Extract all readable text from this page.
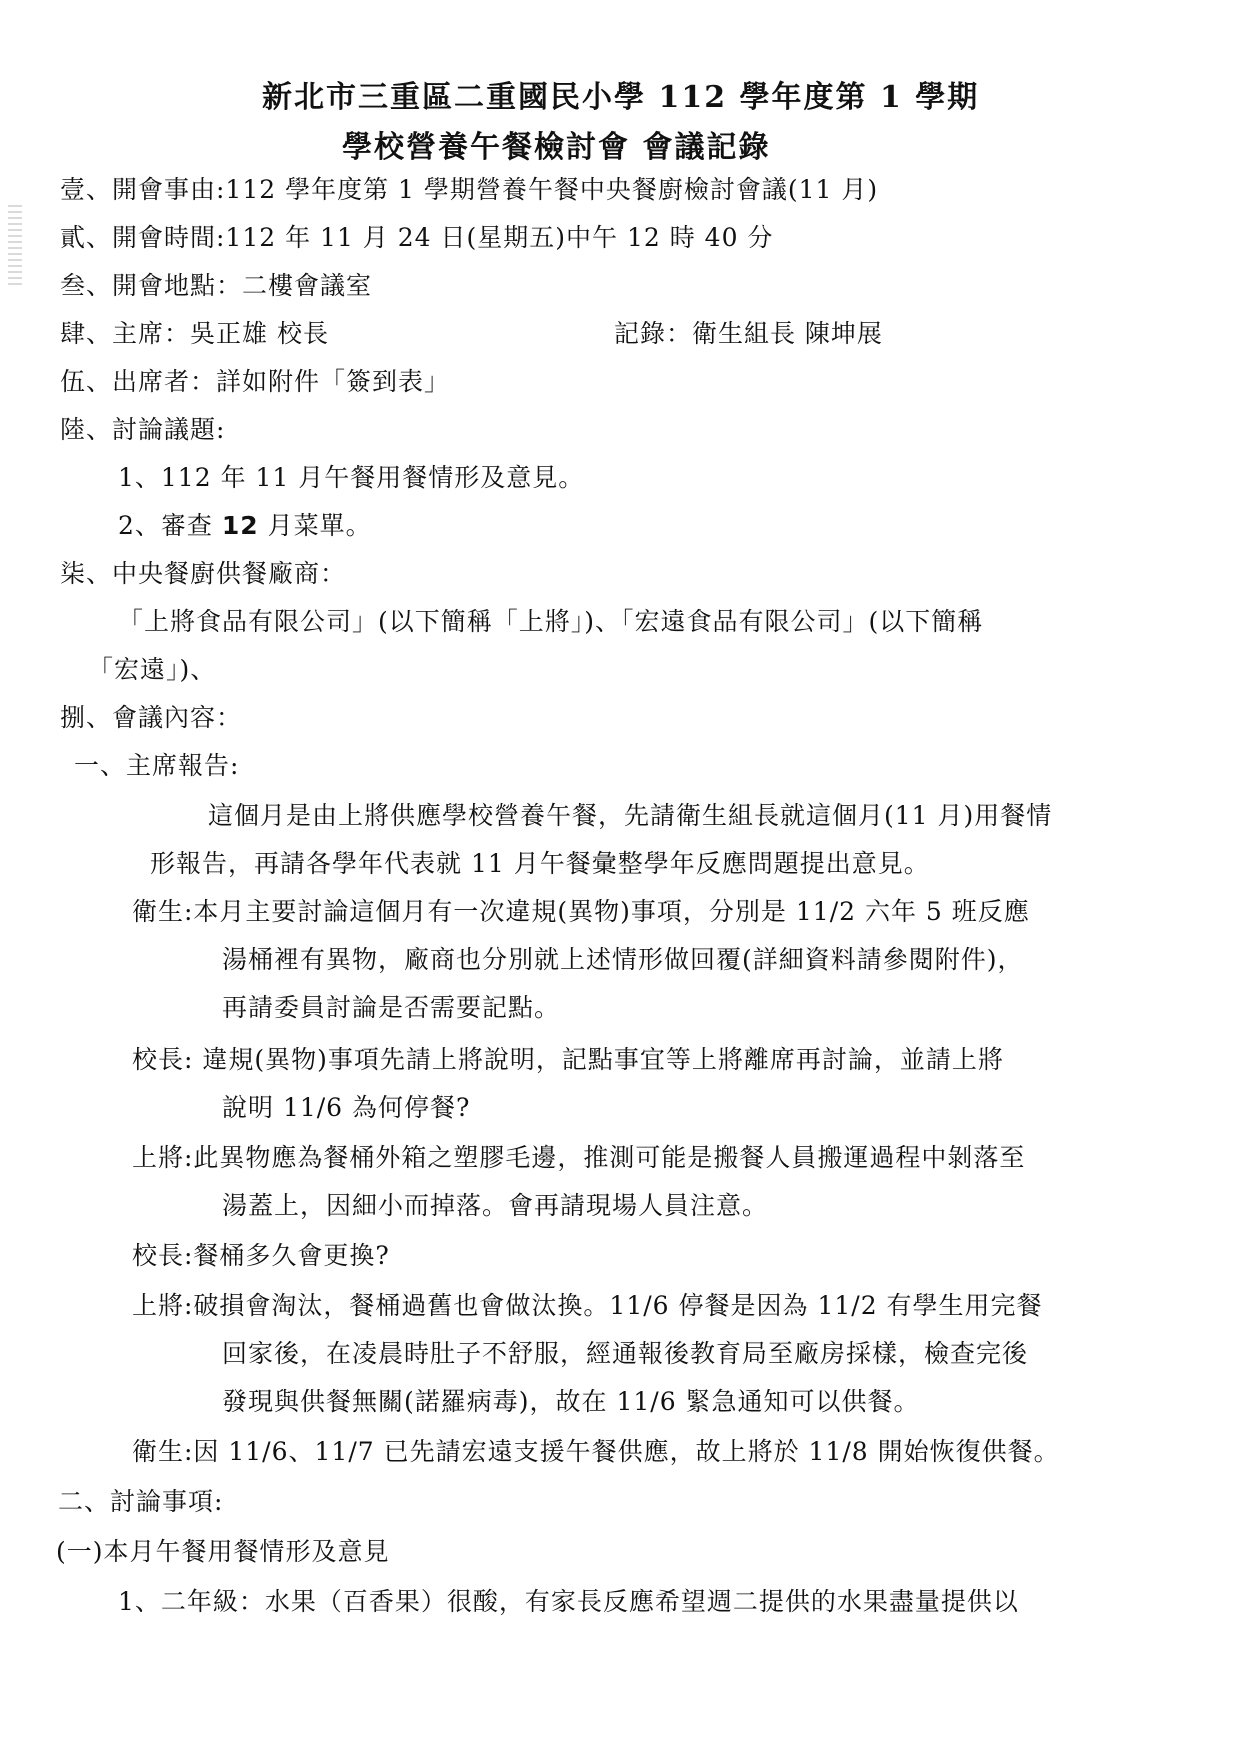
新北市三重區二重國民小學 112 學年度第 1 學期
學校營養午餐檢討會 會議記錄
壹、開會事由:112 學年度第 1 學期營養午餐中央餐廚檢討會議(11 月)
貳、開會時間:112 年 11 月 24 日(星期五)中午 12 時 40 分
叁、開會地點：二樓會議室
肆、主席：吳正雄 校長	記錄：衛生組長 陳坤展
伍、出席者：詳如附件「簽到表」
陸、討論議題:
1、112 年 11 月午餐用餐情形及意見。
2、審查 12 月菜單。
柒、中央餐廚供餐廠商：
「上將食品有限公司」(以下簡稱「上將」)、「宏遠食品有限公司」(以下簡稱
「宏遠」)、
捌、會議內容：
一、主席報告:
這個月是由上將供應學校營養午餐，先請衛生組長就這個月(11 月)用餐情
形報告，再請各學年代表就 11 月午餐彙整學年反應問題提出意見。
衛生:本月主要討論這個月有一次違規(異物)事項，分別是 11/2 六年 5 班反應
湯桶裡有異物，廠商也分別就上述情形做回覆(詳細資料請參閱附件)，
再請委員討論是否需要記點。
校長: 違規(異物)事項先請上將說明，記點事宜等上將離席再討論，並請上將
說明 11/6 為何停餐?
上將:此異物應為餐桶外箱之塑膠毛邊，推測可能是搬餐人員搬運過程中剝落至
湯蓋上，因細小而掉落。會再請現場人員注意。
校長:餐桶多久會更換?
上將:破損會淘汰，餐桶過舊也會做汰換。11/6 停餐是因為 11/2 有學生用完餐
回家後，在凌晨時肚子不舒服，經通報後教育局至廠房採樣，檢查完後
發現與供餐無關(諾羅病毒)，故在 11/6 緊急通知可以供餐。
衛生:因 11/6、11/7 已先請宏遠支援午餐供應，故上將於 11/8 開始恢復供餐。
二、討論事項:
(一)本月午餐用餐情形及意見
1、二年級：水果（百香果）很酸，有家長反應希望週二提供的水果盡量提供以
